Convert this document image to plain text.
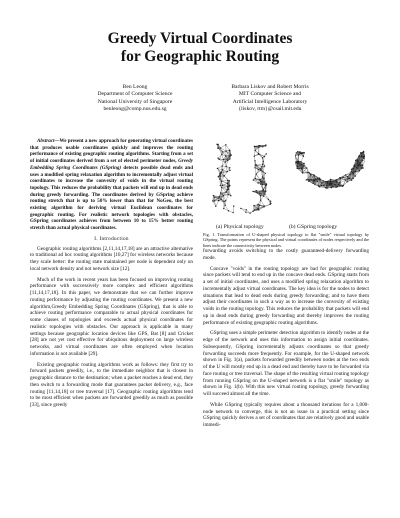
Greedy Virtual Coordinates
for Geographic Routing
Ben Leong
Department of Computer Science
National University of Singapore
benleong@comp.nus.edu.sg
Barbara Liskov and Robert Morris
MIT Computer Science and
Artificial Intelligence Laboratory
{liskov, rtm}@csail.mit.edu

Abstract—We present a new approach for generating virtual coordinates that produces usable coordinates quickly and improves the routing performance of existing geographic routing algorithms. Starting from a set of initial coordinates derived from a set of elected perimeter nodes, Greedy Embedding Spring Coordinates (GSpring) detects possible dead ends and uses a modified spring relaxation algorithm to incrementally adjust virtual coordinates to increase the convexity of voids in the virtual routing topology. This reduces the probability that packets will end up in dead ends during greedy forwarding. The coordinates derived by GSpring achieve routing stretch that is up to 50% lower than that for NoGeo, the best existing algorithm for deriving virtual Euclidean coordinates for geographic routing. For realistic network topologies with obstacles, GSpring coordinates achieves from between 10 to 15% better routing stretch than actual physical coordinates.

I. Introduction

Geographic routing algorithms [2,11,14,17,18] are an attractive alternative to traditional ad hoc routing algorithms [10,27] for wireless networks because they scale better: the routing state maintained per node is dependent only on local network density and not network size [12].

Much of the work in recent years has been focused on improving routing performance with successively more complex and efficient algorithms [11,14,17,18]. In this paper, we demonstrate that we can further improve routing performance by adjusting the routing coordinates. We present a new algorithm,Greedy Embedding Spring Coordinates (GSpring), that is able to achieve routing performance comparable to actual physical coordinates for some classes of topologies and exceeds actual physical coordinates for realistic topologies with obstacles. Our approach is applicable in many settings because geographic location devices like GPS, Bat [8] and Cricket [28] are not yet cost effective for ubiquitous deployment on large wireless networks, and virtual coordinates are often employed when location information is not available [29].

Existing geographic routing algorithms work as follows: they first try to forward packets greedily, i.e., to the immediate neighbor that is closest in geographic distance to the destination; when a packet reaches a dead end, they then switch to a forwarding mode that guarantees packet delivery, e.g., face routing [11,14,18] or tree traversal [17]. Geographic routing algorithms tend to be most efficient when packets are forwarded greedily as much as possible [33], since greedy

(a) Physical topology	(b) GSpring topology
Fig. 1. Transformation of U-shaped physical topology to flat "smile" virtual topology by GSpring. The points represent the physical and virtual coordinates of nodes respectively and the lines indicate the connectivity between nodes.

forwarding avoids switching to the costly guaranteed-delivery forwarding mode.

Concave "voids" in the routing topology are bad for geographic routing since packets will tend to end up in the concave dead ends. GSpring starts from a set of initial coordinates, and uses a modified spring relaxation algorithm to incrementally adjust virtual coordinates. The key idea is for the nodes to detect situations that lead to dead ends during greedy forwarding; and to have them adjust their coordinates in such a way as to increase the convexity of existing voids in the routing topology. This reduces the probability that packets will end up in dead ends during greedy forwarding and thereby improves the routing performance of existing geographic routing algorithms.

GSpring uses a simple perimeter detection algorithm to identify nodes at the edge of the network and uses this information to assign initial coordinates. Subsequently, GSpring incrementally adjusts coordinates so that greedy forwarding succeeds more frequently. For example, for the U-shaped network shown in Fig. 1(a), packets forwarded greedily between nodes at the two ends of the U will mostly end up in a dead end and thereby have to be forwarded via face routing or tree traversal. The shape of the resulting virtual routing topology from running GSpring on the U-shaped network is a flat "smile" topology as shown in Fig. 1(b). With this new virtual routing topology, greedy forwarding will succeed almost all the time.

While GSpring typically requires about a thousand iterations for a 1,000-node network to converge, this is not an issue in a practical setting since GSpring quickly derives a set of coordinates that are relatively good and usable immedi-
